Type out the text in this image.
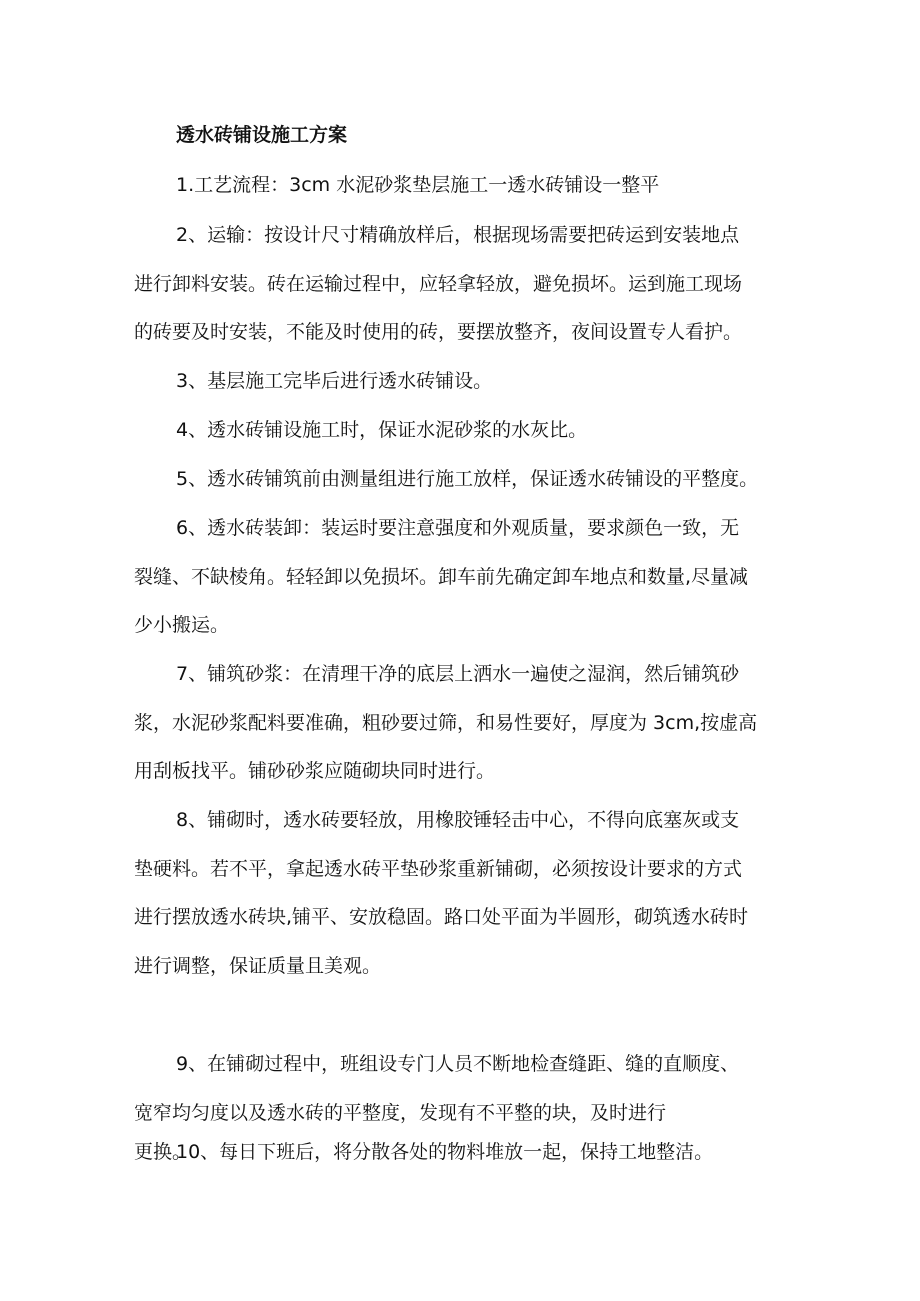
透水砖铺设施工方案

1.工艺流程：3cm 水泥砂浆垫层施工一透水砖铺设一整平

2、运输：按设计尺寸精确放样后，根据现场需要把砖运到安装地点
进行卸料安装。砖在运输过程中，应轻拿轻放，避免损坏。运到施工现场
的砖要及时安装，不能及时使用的砖，要摆放整齐，夜间设置专人看护。

3、基层施工完毕后进行透水砖铺设。

4、透水砖铺设施工时，保证水泥砂浆的水灰比。

5、透水砖铺筑前由测量组进行施工放样，保证透水砖铺设的平整度。

6、透水砖装卸：装运时要注意强度和外观质量，要求颜色一致，无
裂缝、不缺棱角。轻轻卸以免损坏。卸车前先确定卸车地点和数量,尽量减
少小搬运。

7、铺筑砂浆：在清理干净的底层上洒水一遍使之湿润，然后铺筑砂
浆，水泥砂浆配料要准确，粗砂要过筛，和易性要好，厚度为 3cm,按虚高
用刮板找平。铺砂砂浆应随砌块同时进行。

8、铺砌时，透水砖要轻放，用橡胶锤轻击中心，不得向底塞灰或支
垫硬料。若不平，拿起透水砖平垫砂浆重新铺砌，必须按设计要求的方式
进行摆放透水砖块,铺平、安放稳固。路口处平面为半圆形，砌筑透水砖时
进行调整，保证质量且美观。

9、在铺砌过程中，班组设专门人员不断地检查缝距、缝的直顺度、
宽窄均匀度以及透水砖的平整度，发现有不平整的块，及时进行
更换。

10、每日下班后，将分散各处的物料堆放一起，保持工地整洁。
